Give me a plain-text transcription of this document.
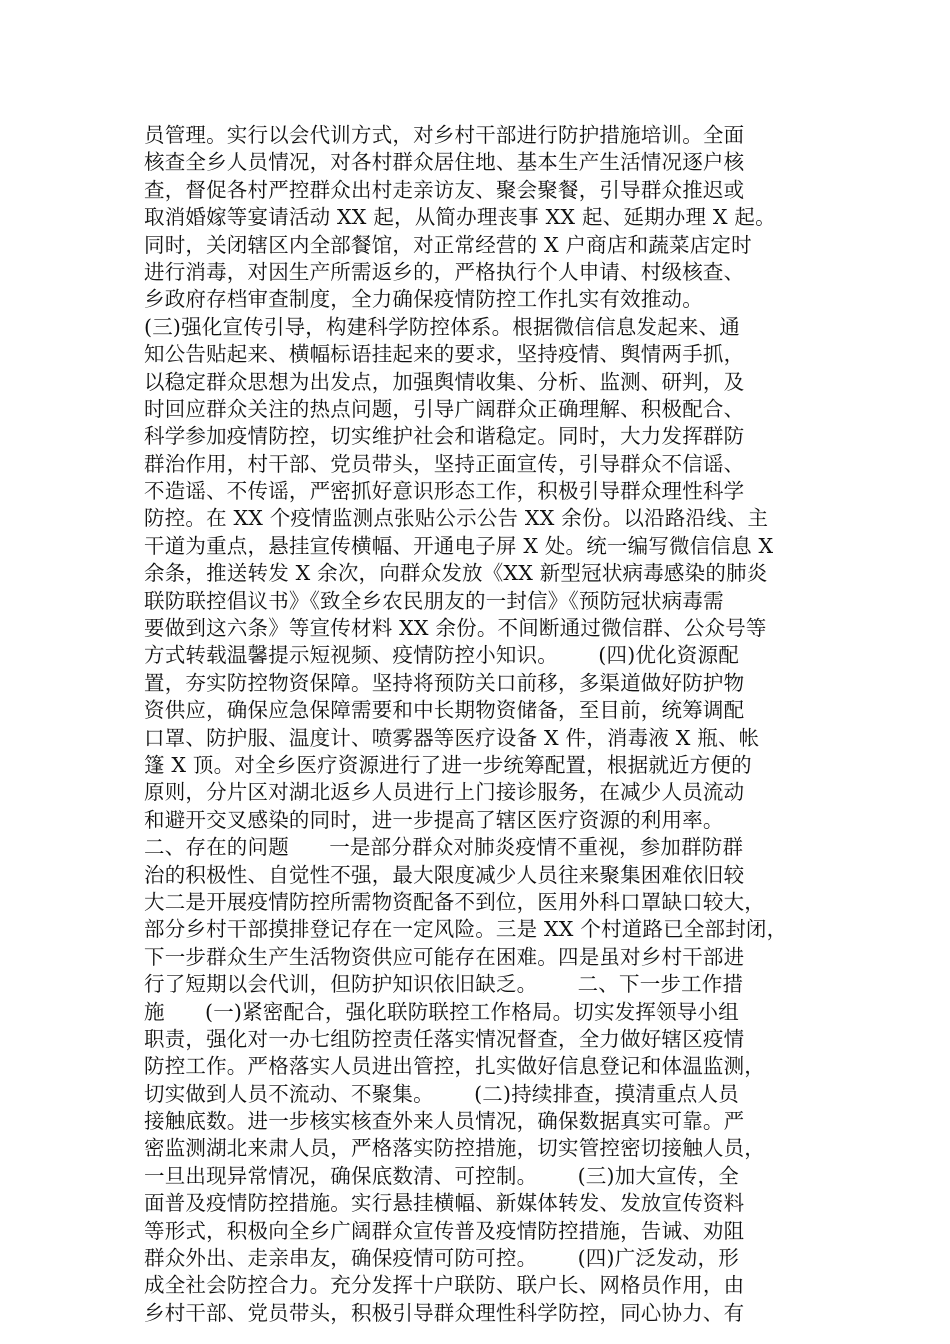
员管理。实行以会代训方式，对乡村干部进行防护措施培训。全面
核查全乡人员情况，对各村群众居住地、基本生产生活情况逐户核
查，督促各村严控群众出村走亲访友、聚会聚餐，引导群众推迟或
取消婚嫁等宴请活动 XX 起，从简办理丧事 XX 起、延期办理 X 起。
同时，关闭辖区内全部餐馆，对正常经营的 X 户商店和蔬菜店定时
进行消毒，对因生产所需返乡的，严格执行个人申请、村级核查、
乡政府存档审查制度，全力确保疫情防控工作扎实有效推动。
(三)强化宣传引导，构建科学防控体系。根据微信信息发起来、通
知公告贴起来、横幅标语挂起来的要求，坚持疫情、舆情两手抓，
以稳定群众思想为出发点，加强舆情收集、分析、监测、研判，及
时回应群众关注的热点问题，引导广阔群众正确理解、积极配合、
科学参加疫情防控，切实维护社会和谐稳定。同时，大力发挥群防
群治作用，村干部、党员带头，坚持正面宣传，引导群众不信谣、
不造谣、不传谣，严密抓好意识形态工作，积极引导群众理性科学
防控。在 XX 个疫情监测点张贴公示公告 XX 余份。以沿路沿线、主
干道为重点，悬挂宣传横幅、开通电子屏 X 处。统一编写微信信息 X
余条，推送转发 X 余次，向群众发放《XX 新型冠状病毒感染的肺炎
联防联控倡议书》《致全乡农民朋友的一封信》《预防冠状病毒需
要做到这六条》等宣传材料 XX 余份。不间断通过微信群、公众号等
方式转载温馨提示短视频、疫情防控小知识。      (四)优化资源配
置，夯实防控物资保障。坚持将预防关口前移，多渠道做好防护物
资供应，确保应急保障需要和中长期物资储备，至目前，统筹调配
口罩、防护服、温度计、喷雾器等医疗设备 X 件，消毒液 X 瓶、帐
篷 X 顶。对全乡医疗资源进行了进一步统筹配置，根据就近方便的
原则，分片区对湖北返乡人员进行上门接诊服务，在减少人员流动
和避开交叉感染的同时，进一步提高了辖区医疗资源的利用率。
二、存在的问题      一是部分群众对肺炎疫情不重视，参加群防群
治的积极性、自觉性不强，最大限度减少人员往来聚集困难依旧较
大二是开展疫情防控所需物资配备不到位，医用外科口罩缺口较大，
部分乡村干部摸排登记存在一定风险。三是 XX 个村道路已全部封闭，
下一步群众生产生活物资供应可能存在困难。四是虽对乡村干部进
行了短期以会代训，但防护知识依旧缺乏。      二、下一步工作措
施      (一)紧密配合，强化联防联控工作格局。切实发挥领导小组
职责，强化对一办七组防控责任落实情况督查，全力做好辖区疫情
防控工作。严格落实人员进出管控，扎实做好信息登记和体温监测，
切实做到人员不流动、不聚集。      (二)持续排查，摸清重点人员
接触底数。进一步核实核查外来人员情况，确保数据真实可靠。严
密监测湖北来肃人员，严格落实防控措施，切实管控密切接触人员，
一旦出现异常情况，确保底数清、可控制。      (三)加大宣传，全
面普及疫情防控措施。实行悬挂横幅、新媒体转发、发放宣传资料
等形式，积极向全乡广阔群众宣传普及疫情防控措施，告诫、劝阻
群众外出、走亲串友，确保疫情可防可控。      (四)广泛发动，形
成全社会防控合力。充分发挥十户联防、联户长、网格员作用，由
乡村干部、党员带头，积极引导群众理性科学防控，同心协力、有
